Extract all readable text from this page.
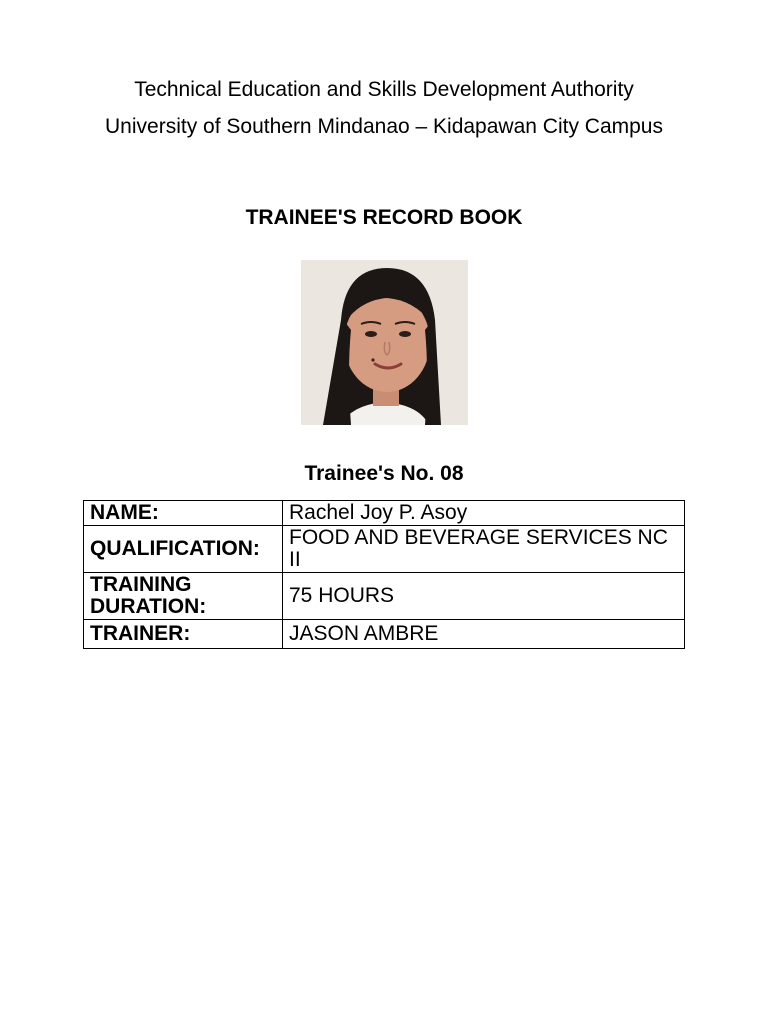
Technical Education and Skills Development Authority
University of Southern Mindanao – Kidapawan City Campus
TRAINEE'S RECORD BOOK
Trainee's No. 08
NAME:	Rachel Joy P. Asoy
QUALIFICATION:	FOOD AND BEVERAGE SERVICES NC II
TRAINING DURATION:	75 HOURS
TRAINER:	JASON AMBRE
